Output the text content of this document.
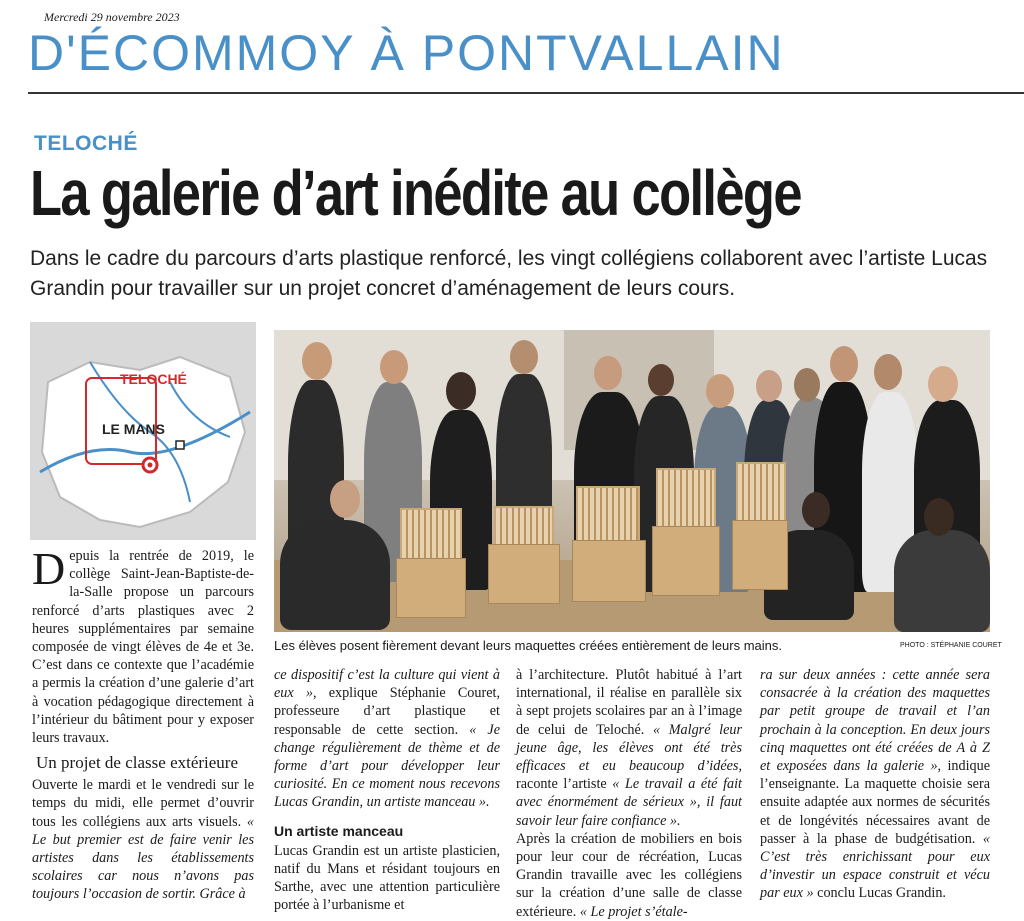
Mercredi 29 novembre 2023
D'ÉCOMMOY À PONTVALLAIN
TELOCHÉ
La galerie d’art inédite au collège
Dans le cadre du parcours d’arts plastique renforcé, les vingt collégiens collaborent avec l’artiste Lucas Grandin pour travailler sur un projet concret d’aménagement de leurs cours.
TELOCHÉ
LE MANS
Les élèves posent fièrement devant leurs maquettes créées entièrement de leurs mains.	PHOTO : STÉPHANIE COURET

Depuis la rentrée de 2019, le collège Saint-Jean-Baptiste-de-la-Salle propose un parcours renforcé d’arts plastiques avec 2 heures supplémentaires par semaine composée de vingt élèves de 4e et 3e. C’est dans ce contexte que l’académie a permis la création d’une galerie d’art à vocation pédagogique directement à l’intérieur du bâtiment pour y exposer leurs travaux.

Un projet de classe extérieure

Ouverte le mardi et le vendredi sur le temps du midi, elle permet d’ouvrir tous les collégiens aux arts visuels. « Le but premier est de faire venir les artistes dans les établissements scolaires car nous n’avons pas toujours l’occasion de sortir. Grâce à

ce dispositif c’est la culture qui vient à eux », explique Stéphanie Couret, professeure d’art plastique et responsable de cette section. « Je change régulièrement de thème et de forme d’art pour développer leur curiosité. En ce moment nous recevons Lucas Grandin, un artiste manceau ».

Un artiste manceau

Lucas Grandin est un artiste plasticien, natif du Mans et résidant toujours en Sarthe, avec une attention particulière portée à l’urbanisme et

à l’architecture. Plutôt habitué à l’art international, il réalise en parallèle six à sept projets scolaires par an à l’image de celui de Teloché. « Malgré leur jeune âge, les élèves ont été très efficaces et eu beaucoup d’idées, raconte l’artiste « Le travail a été fait avec énormément de sérieux », il faut savoir leur faire confiance ».

Après la création de mobiliers en bois pour leur cour de récréation, Lucas Grandin travaille avec les collégiens sur la création d’une salle de classe extérieure. « Le projet s’étale-

ra sur deux années : cette année sera consacrée à la création des maquettes par petit groupe de travail et l’an prochain à la conception. En deux jours cinq maquettes ont été créées de A à Z et exposées dans la galerie », indique l’enseignante. La maquette choisie sera ensuite adaptée aux normes de sécurités et de longévités nécessaires avant de passer à la phase de budgétisation. « C’est très enrichissant pour eux d’investir un espace construit et vécu par eux » conclu Lucas Grandin.
